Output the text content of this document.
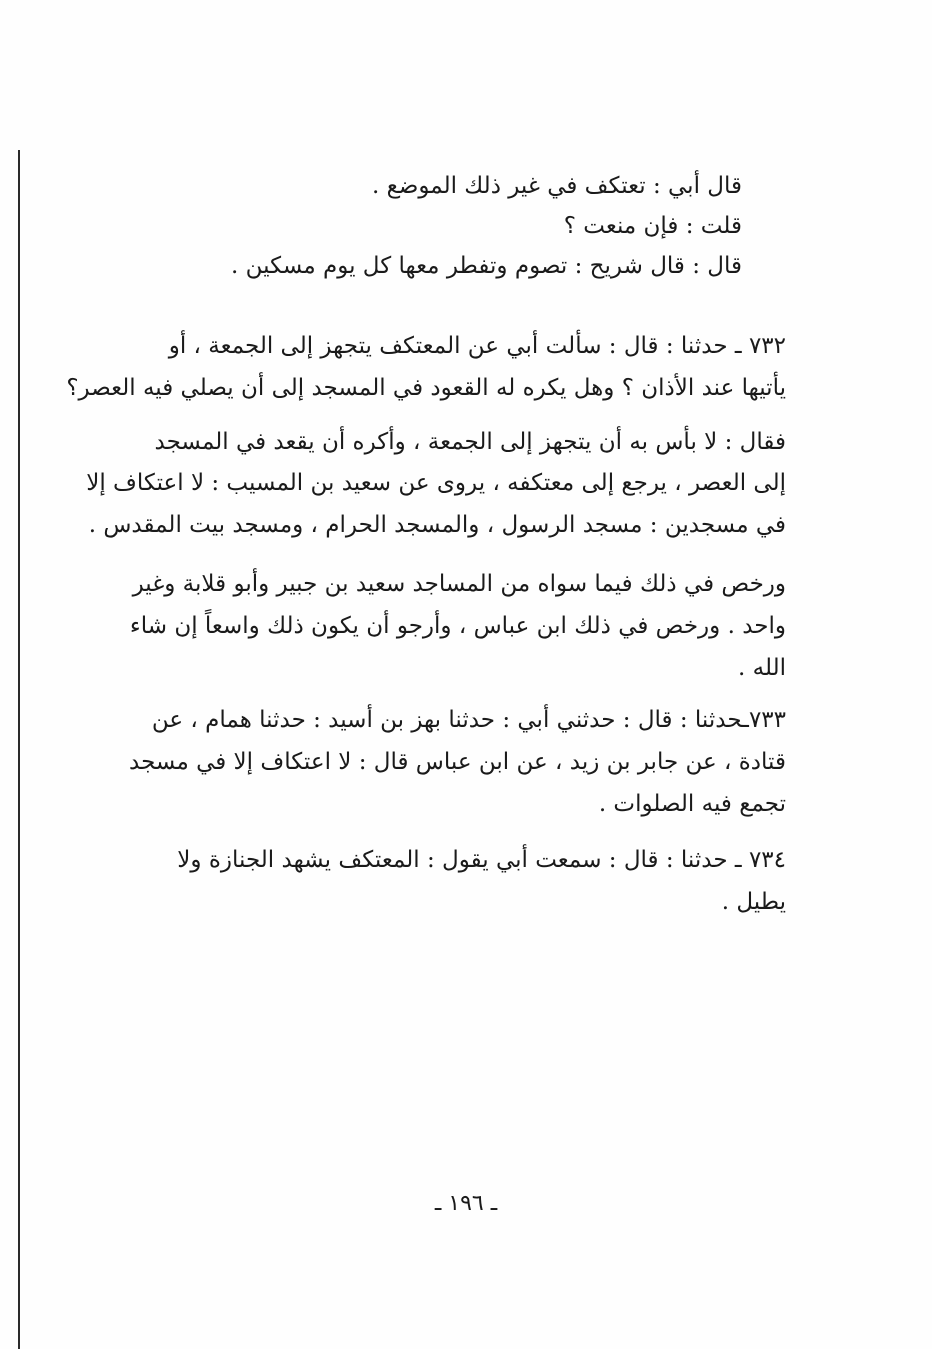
قال أبي : تعتكف في غير ذلك الموضع .
قلت : فإن منعت ؟
قال : قال شريح : تصوم وتفطر معها كل يوم مسكين .
٧٣٢ ـ حدثنا : قال : سألت أبي عن المعتكف يتجهز إلى الجمعة ، أو
يأتيها عند الأذان ؟ وهل يكره له القعود في المسجد إلى أن يصلي فيه العصر؟
فقال : لا بأس به أن يتجهز إلى الجمعة ، وأكره أن يقعد في المسجد
إلى العصر ، يرجع إلى معتكفه ، يروى عن سعيد بن المسيب : لا اعتكاف إلا
في مسجدين : مسجد الرسول ، والمسجد الحرام ، ومسجد بيت المقدس .
ورخص في ذلك فيما سواه من المساجد سعيد بن جبير وأبو قلابة وغير
واحد . ورخص في ذلك ابن عباس ، وأرجو أن يكون ذلك واسعاً إن شاء
الله .
٧٣٣ـحدثنا : قال : حدثني أبي : حدثنا بهز بن أسيد : حدثنا همام ، عن
قتادة ، عن جابر بن زيد ، عن ابن عباس قال : لا اعتكاف إلا في مسجد
تجمع فيه الصلوات .
٧٣٤ ـ حدثنا : قال : سمعت أبي يقول : المعتكف يشهد الجنازة ولا
يطيل .
ـ ١٩٦ ـ
